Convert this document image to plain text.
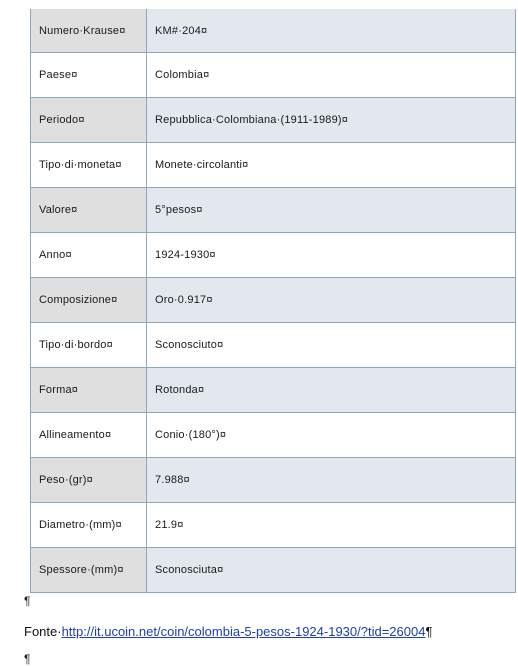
Numero·Krause¤	KM#·204¤
Paese¤	Colombia¤
Periodo¤	Repubblica·Colombiana·(1911-1989)¤
Tipo·di·moneta¤	Monete·circolanti¤
Valore¤	5°pesos¤
Anno¤	1924-1930¤
Composizione¤	Oro·0.917¤
Tipo·di·bordo¤	Sconosciuto¤
Forma¤	Rotonda¤
Allineamento¤	Conio·(180°)¤
Peso·(gr)¤	7.988¤
Diametro·(mm)¤	21.9¤
Spessore·(mm)¤	Sconosciuta¤
¶
Fonte·http://it.ucoin.net/coin/colombia-5-pesos-1924-1930/?tid=26004¶
¶
